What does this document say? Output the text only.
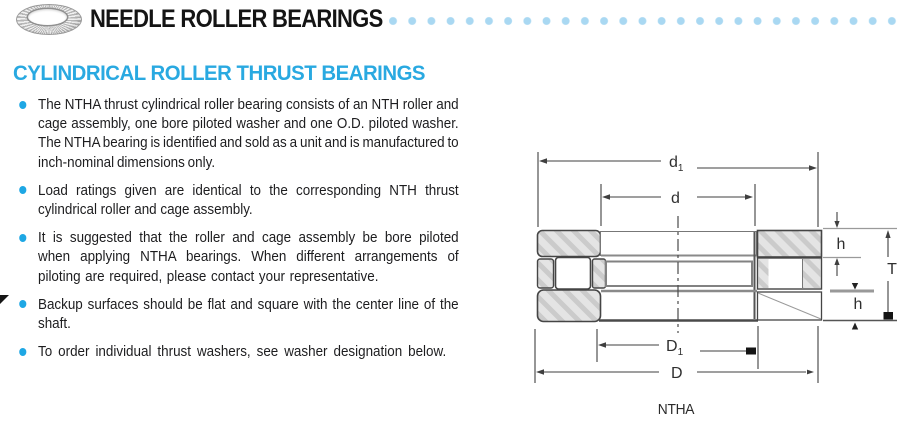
NEEDLE ROLLER BEARINGS
CYLINDRICAL ROLLER THRUST BEARINGS
The NTHA thrust cylindrical roller bearing consists of an NTH roller and cage assembly, one bore piloted washer and one O.D. piloted washer. The NTHA bearing is identified and sold as a unit and is manufactured to inch-nominal dimensions only.
Load ratings given are identical to the corresponding NTH thrust cylindrical roller and cage assembly.
It is suggested that the roller and cage assembly be bore piloted when applying NTHA bearings. When different arrangements of piloting are required, please contact your representative.
Backup surfaces should be flat and square with the center line of the shaft.
To order individual thrust washers, see washer designation below.
$d_1$
d
$D_1$
D
h
T
h
NTHA
